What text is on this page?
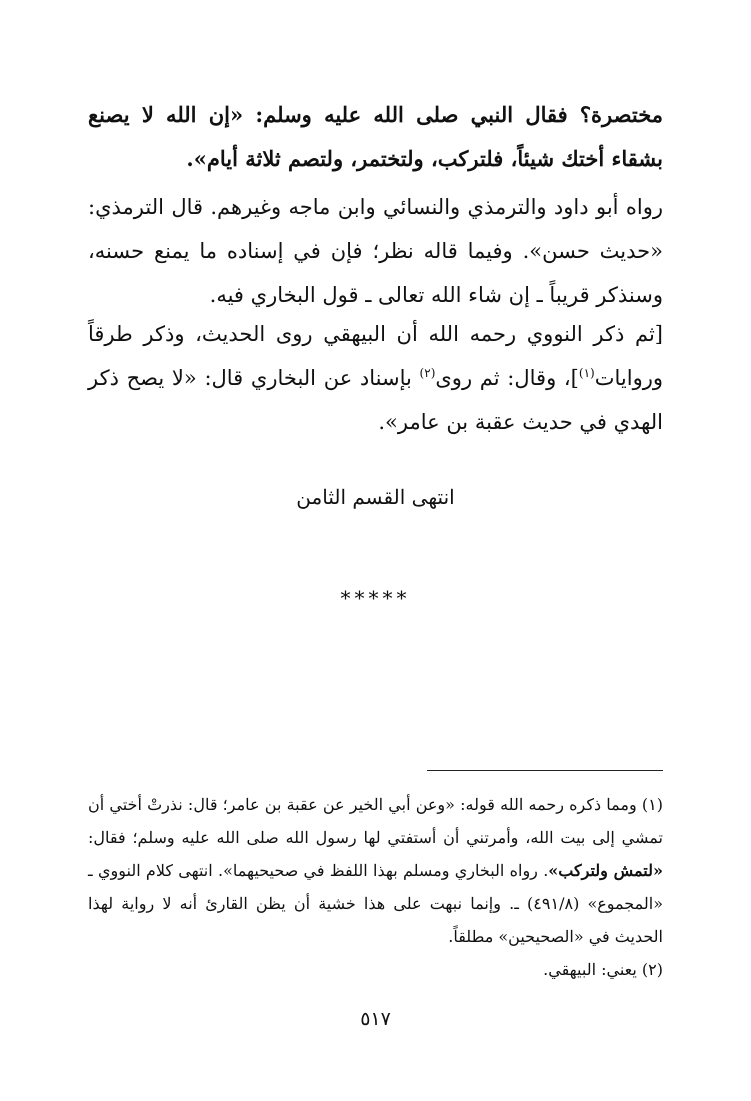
مختصرة؟ فقال النبي صلى الله عليه وسلم: «إن الله لا يصنع بشقاء أختك شيئاً، فلتركب، ولتختمر، ولتصم ثلاثة أيام».

رواه أبو داود والترمذي والنسائي وابن ماجه وغيرهم. قال الترمذي: «حديث حسن». وفيما قاله نظر؛ فإن في إسناده ما يمنع حسنه، وسنذكر قريباً ـ إن شاء الله تعالى ـ قول البخاري فيه.

[ثم ذكر النووي رحمه الله أن البيهقي روى الحديث، وذكر طرقاً وروايات$^{(١)}$]، وقال: ثم روى$^{(٢)}$ بإسناد عن البخاري قال: «لا يصح ذكر الهدي في حديث عقبة بن عامر».

انتهى القسم الثامن
*****

(١) ومما ذكره رحمه الله قوله: «وعن أبي الخير عن عقبة بن عامر؛ قال: نذرتْ أختي أن تمشي إلى بيت الله، وأمرتني أن أستفتي لها رسول الله صلى الله عليه وسلم؛ فقال: «لتمش ولتركب». رواه البخاري ومسلم بهذا اللفظ في صحيحيهما». انتهى كلام النووي ـ «المجموع» (٤٩١/٨) ـ. وإنما نبهت على هذا خشية أن يظن القارئ أنه لا رواية لهذا الحديث في «الصحيحين» مطلقاً.

(٢) يعني: البيهقي.

٥١٧
